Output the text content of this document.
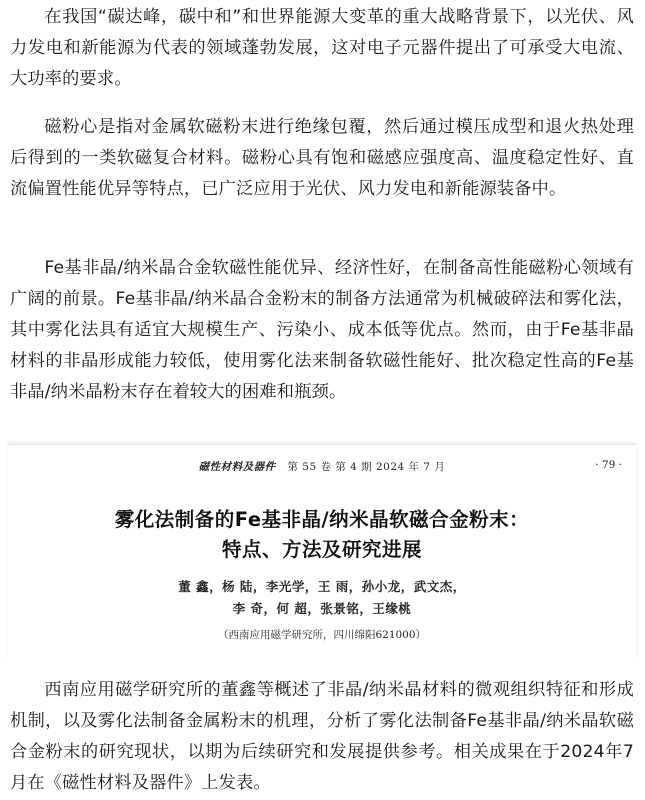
在我国“碳达峰，碳中和”和世界能源大变革的重大战略背景下，以光伏、风力发电和新能源为代表的领域蓬勃发展，这对电子元器件提出了可承受大电流、大功率的要求。

磁粉心是指对金属软磁粉末进行绝缘包覆，然后通过模压成型和退火热处理后得到的一类软磁复合材料。磁粉心具有饱和磁感应强度高、温度稳定性好、直流偏置性能优异等特点，已广泛应用于光伏、风力发电和新能源装备中。

Fe基非晶/纳米晶合金软磁性能优异、经济性好，在制备高性能磁粉心领域有广阔的前景。Fe基非晶/纳米晶合金粉末的制备方法通常为机械破碎法和雾化法，其中雾化法具有适宜大规模生产、污染小、成本低等优点。然而，由于Fe基非晶材料的非晶形成能力较低，使用雾化法来制备软磁性能好、批次稳定性高的Fe基非晶/纳米晶粉末存在着较大的困难和瓶颈。

磁性材料及器件 第 55 卷 第 4 期 2024 年 7 月	· 79 ·
雾化法制备的Fe基非晶/纳米晶软磁合金粉末：
特点、方法及研究进展
董 鑫，杨 陆，李光学，王 雨，孙小龙，武文杰，
李 奇，何 超，张景铭，王缘桃
（西南应用磁学研究所，四川绵阳621000）

西南应用磁学研究所的董鑫等概述了非晶/纳米晶材料的微观组织特征和形成机制，以及雾化法制备金属粉末的机理，分析了雾化法制备Fe基非晶/纳米晶软磁合金粉末的研究现状，以期为后续研究和发展提供参考。相关成果在于2024年7月在《磁性材料及器件》上发表。
